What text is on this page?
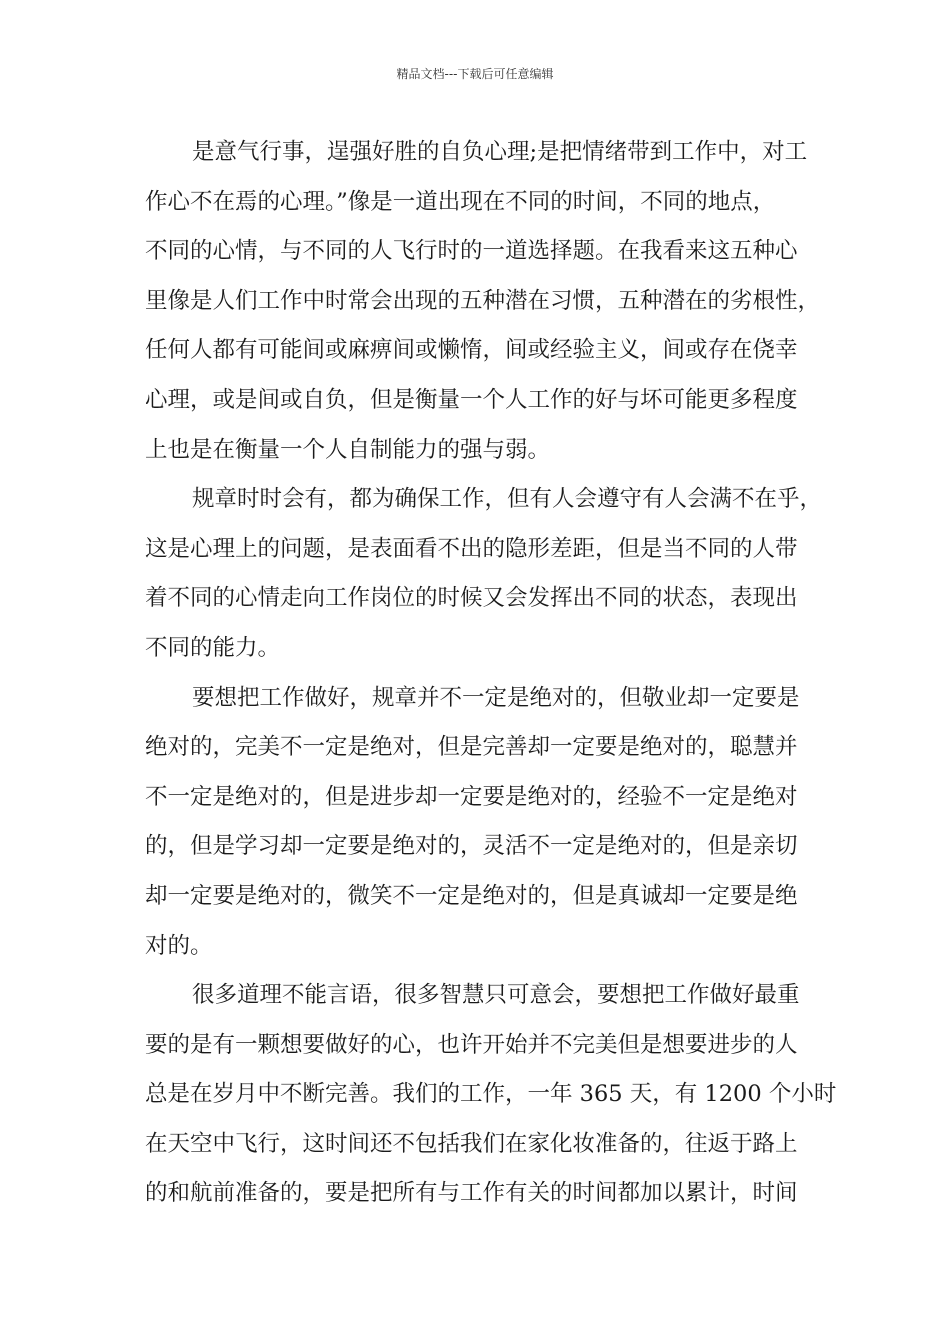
精品文档---下载后可任意编辑
是意气行事，逞强好胜的自负心理;是把情绪带到工作中，对工
作心不在焉的心理。”像是一道出现在不同的时间，不同的地点，
不同的心情，与不同的人飞行时的一道选择题。在我看来这五种心
里像是人们工作中时常会出现的五种潜在习惯，五种潜在的劣根性，
任何人都有可能间或麻痹间或懒惰，间或经验主义，间或存在侥幸
心理，或是间或自负，但是衡量一个人工作的好与坏可能更多程度
上也是在衡量一个人自制能力的强与弱。
规章时时会有，都为确保工作，但有人会遵守有人会满不在乎，
这是心理上的问题，是表面看不出的隐形差距，但是当不同的人带
着不同的心情走向工作岗位的时候又会发挥出不同的状态，表现出
不同的能力。
要想把工作做好，规章并不一定是绝对的，但敬业却一定要是
绝对的，完美不一定是绝对，但是完善却一定要是绝对的，聪慧并
不一定是绝对的，但是进步却一定要是绝对的，经验不一定是绝对
的，但是学习却一定要是绝对的，灵活不一定是绝对的，但是亲切
却一定要是绝对的，微笑不一定是绝对的，但是真诚却一定要是绝
对的。
很多道理不能言语，很多智慧只可意会，要想把工作做好最重
要的是有一颗想要做好的心，也许开始并不完美但是想要进步的人
总是在岁月中不断完善。我们的工作，一年 365 天，有 1200 个小时
在天空中飞行，这时间还不包括我们在家化妆准备的，往返于路上
的和航前准备的，要是把所有与工作有关的时间都加以累计，时间
